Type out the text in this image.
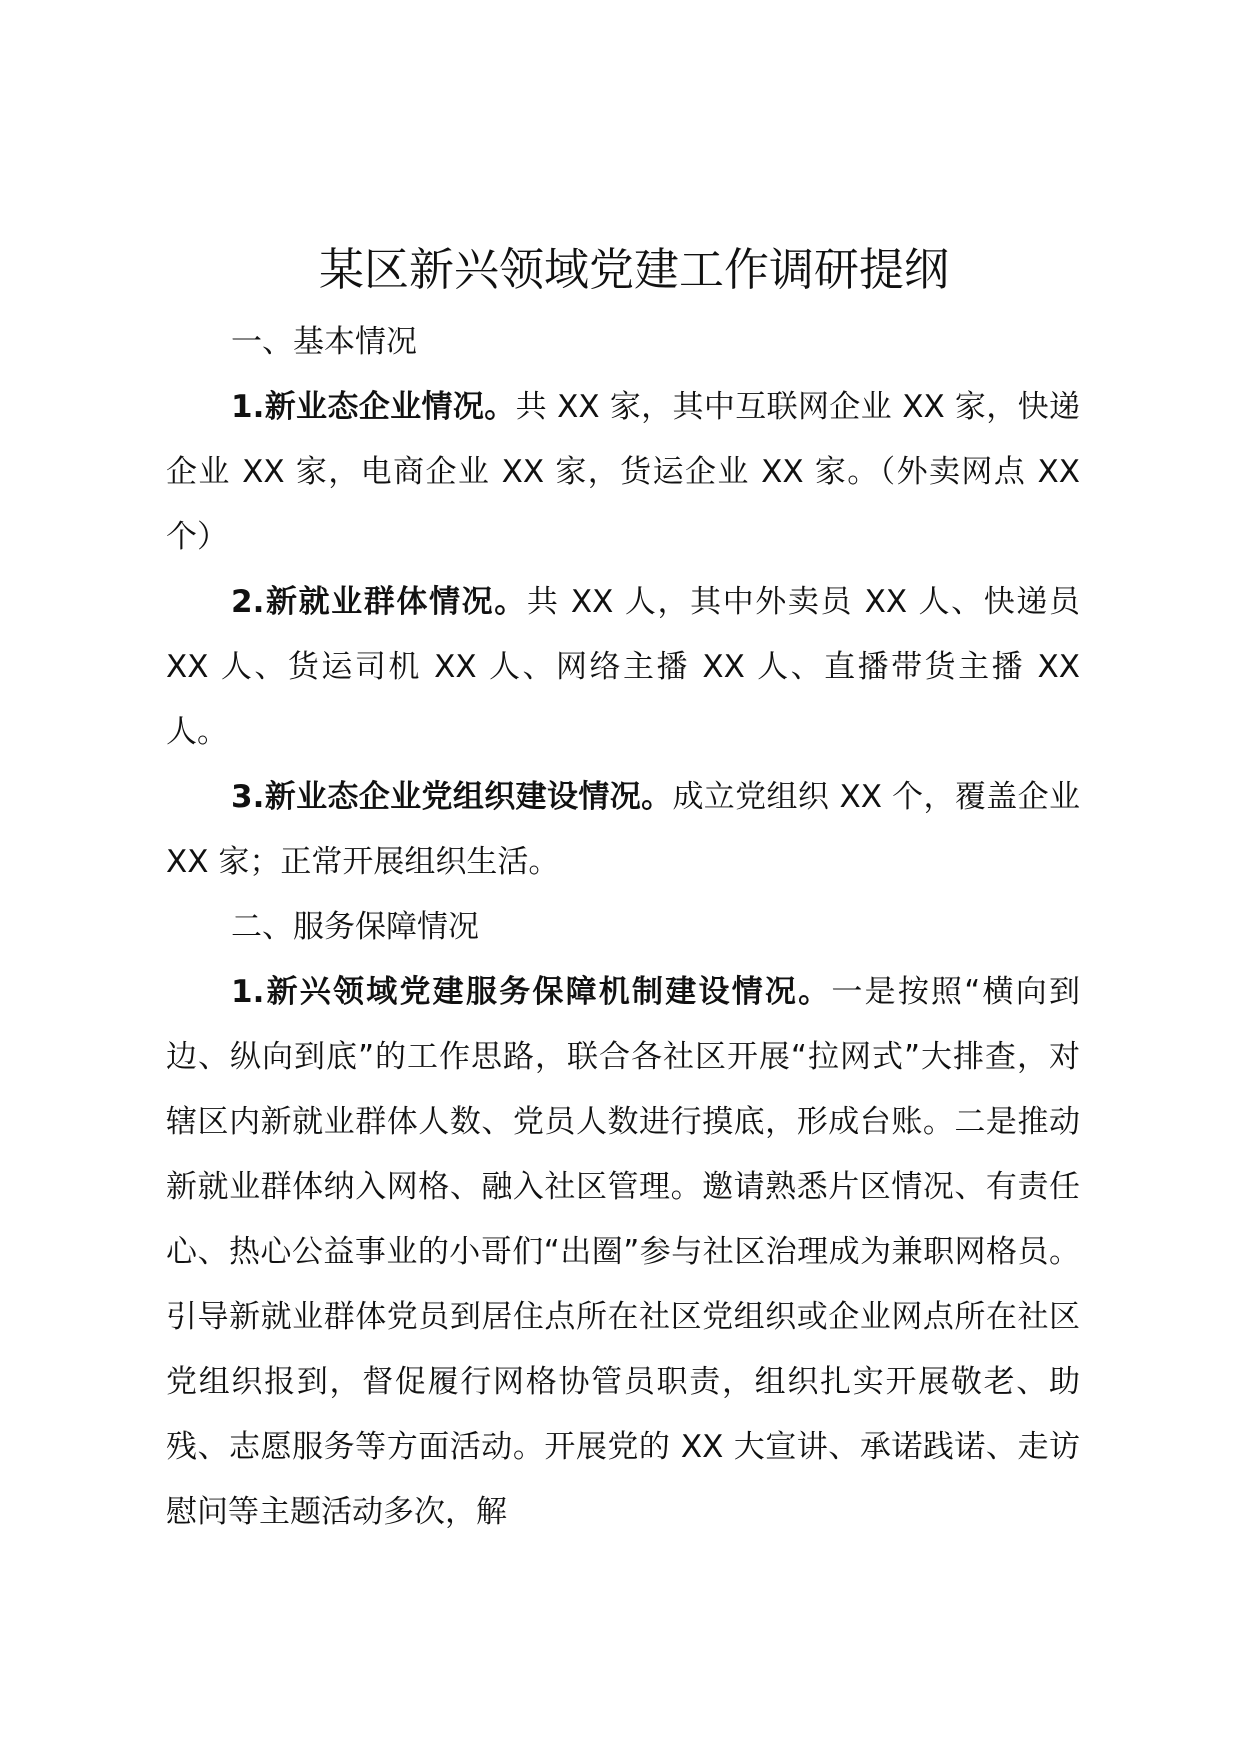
某区新兴领域党建工作调研提纲

一、基本情况

1.新业态企业情况。共 XX 家，其中互联网企业 XX 家，快递企业 XX 家，电商企业 XX 家，货运企业 XX 家。（外卖网点 XX 个）

2.新就业群体情况。共 XX 人，其中外卖员 XX 人、快递员 XX 人、货运司机 XX 人、网络主播 XX 人、直播带货主播 XX 人。

3.新业态企业党组织建设情况。成立党组织 XX 个，覆盖企业 XX 家；正常开展组织生活。

二、服务保障情况

1.新兴领域党建服务保障机制建设情况。一是按照“横向到边、纵向到底”的工作思路，联合各社区开展“拉网式”大排查，对辖区内新就业群体人数、党员人数进行摸底，形成台账。二是推动新就业群体纳入网格、融入社区管理。邀请熟悉片区情况、有责任心、热心公益事业的小哥们“出圈”参与社区治理成为兼职网格员。引导新就业群体党员到居住点所在社区党组织或企业网点所在社区党组织报到，督促履行网格协管员职责，组织扎实开展敬老、助残、志愿服务等方面活动。开展党的 XX 大宣讲、承诺践诺、走访慰问等主题活动多次，解
